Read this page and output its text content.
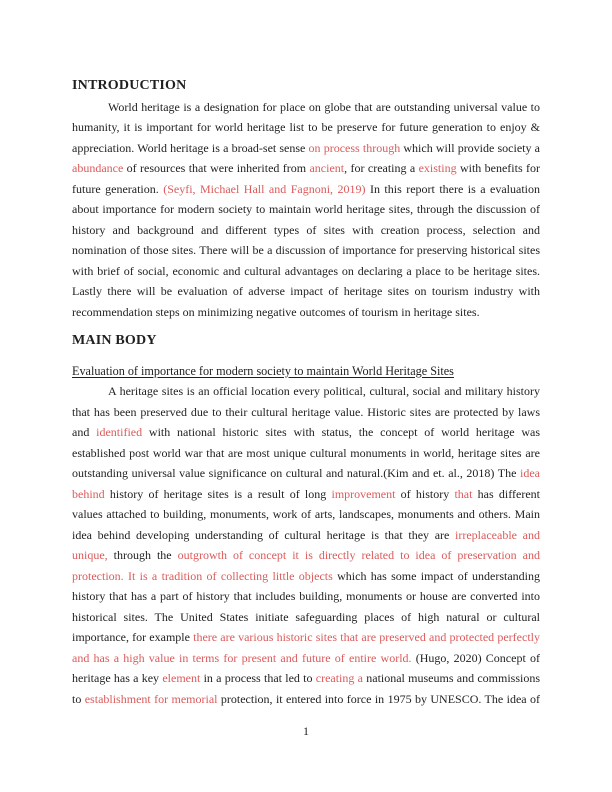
INTRODUCTION
World heritage is a designation for place on globe that are outstanding universal value to
humanity, it is important for world heritage list to be preserve for future generation to enjoy &
appreciation. World heritage is a broad-set sense on process through which will provide society a
abundance of resources that were inherited from ancient, for creating a existing with benefits for
future generation. (Seyfi, Michael Hall and Fagnoni, 2019) In this report there is a evaluation
about importance for modern society to maintain world heritage sites, through the discussion of
history and background and different types of sites with creation process, selection and
nomination of those sites. There will be a discussion of importance for preserving historical sites
with brief of social, economic and cultural advantages on declaring a place to be heritage sites.
Lastly there will be evaluation of adverse impact of heritage sites on tourism industry with
recommendation steps on minimizing negative outcomes of tourism in heritage sites.
MAIN BODY
Evaluation of importance for modern society to maintain World Heritage Sites
A heritage sites is an official location every political, cultural, social and military history
that has been preserved due to their cultural heritage value. Historic sites are protected by laws
and identified with national historic sites with status, the concept of world heritage was
established post world war that are most unique cultural monuments in world, heritage sites are
outstanding universal value significance on cultural and natural.(Kim and et. al., 2018) The idea
behind history of heritage sites is a result of long improvement of history that has different
values attached to building, monuments, work of arts, landscapes, monuments and others. Main
idea behind developing understanding of cultural heritage is that they are irreplaceable and
unique, through the outgrowth of concept it is directly related to idea of preservation and
protection. It is a tradition of collecting little objects which has some impact of understanding
history that has a part of history that includes building, monuments or house are converted into
historical sites. The United States initiate safeguarding places of high natural or cultural
importance, for example there are various historic sites that are preserved and protected perfectly
and has a high value in terms for present and future of entire world. (Hugo, 2020) Concept of
heritage has a key element in a process that led to creating a national museums and commissions
to establishment for memorial protection, it entered into force in 1975 by UNESCO. The idea of
1
